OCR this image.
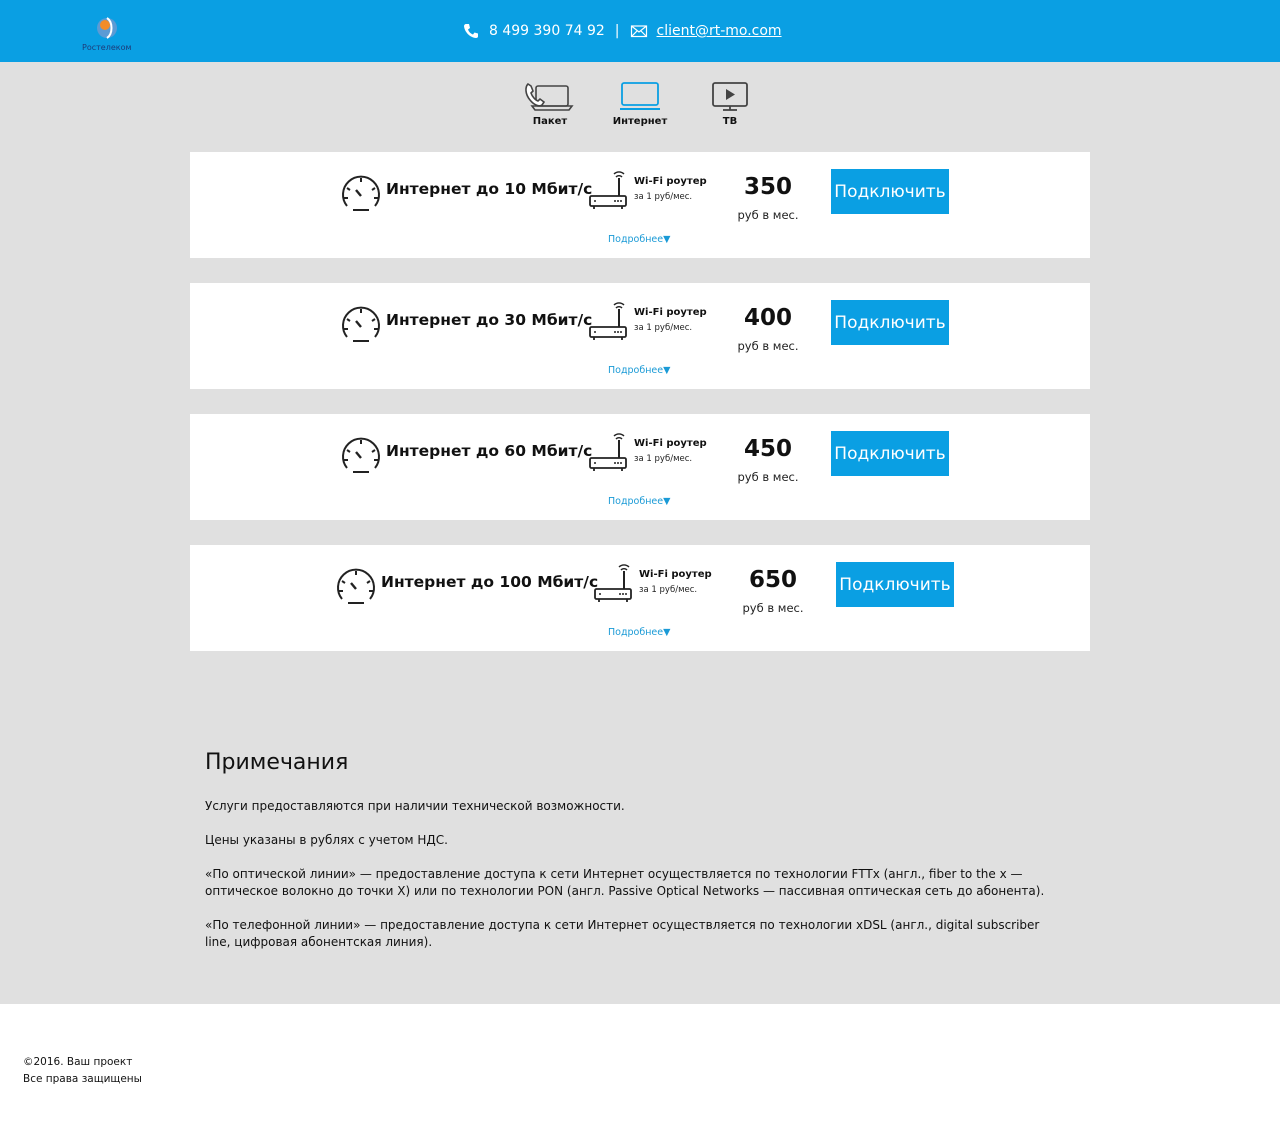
Ростелеком
8 499 390 74 92 |	client@rt-mo.com
Пакет	Интернет	ТВ
Интернет до 10 Мбит/с	Wi-Fi роутер
за 1 руб/мес.	350
руб в мес.
Подключить
Подробнее▼
Интернет до 30 Мбит/с	Wi-Fi роутер
за 1 руб/мес.	400
руб в мес.
Подключить
Подробнее▼
Интернет до 60 Мбит/с	Wi-Fi роутер
за 1 руб/мес.	450
руб в мес.
Подключить
Подробнее▼
Интернет до 100 Мбит/с	Wi-Fi роутер
за 1 руб/мес.	650
руб в мес.
Подключить
Подробнее▼
Примечания
Услуги предоставляются при наличии технической возможности.
Цены указаны в рублях с учетом НДС.
«По оптической линии» — предоставление доступа к сети Интернет осуществляется по технологии FTTx (англ., fiber to the x — оптическое волокно до точки X) или по технологии PON (англ. Passive Optical Networks — пассивная оптическая сеть до абонента).
«По телефонной линии» — предоставление доступа к сети Интернет осуществляется по технологии xDSL (англ., digital subscriber line, цифровая абонентская линия).
©2016. Ваш проект
Все права защищены
